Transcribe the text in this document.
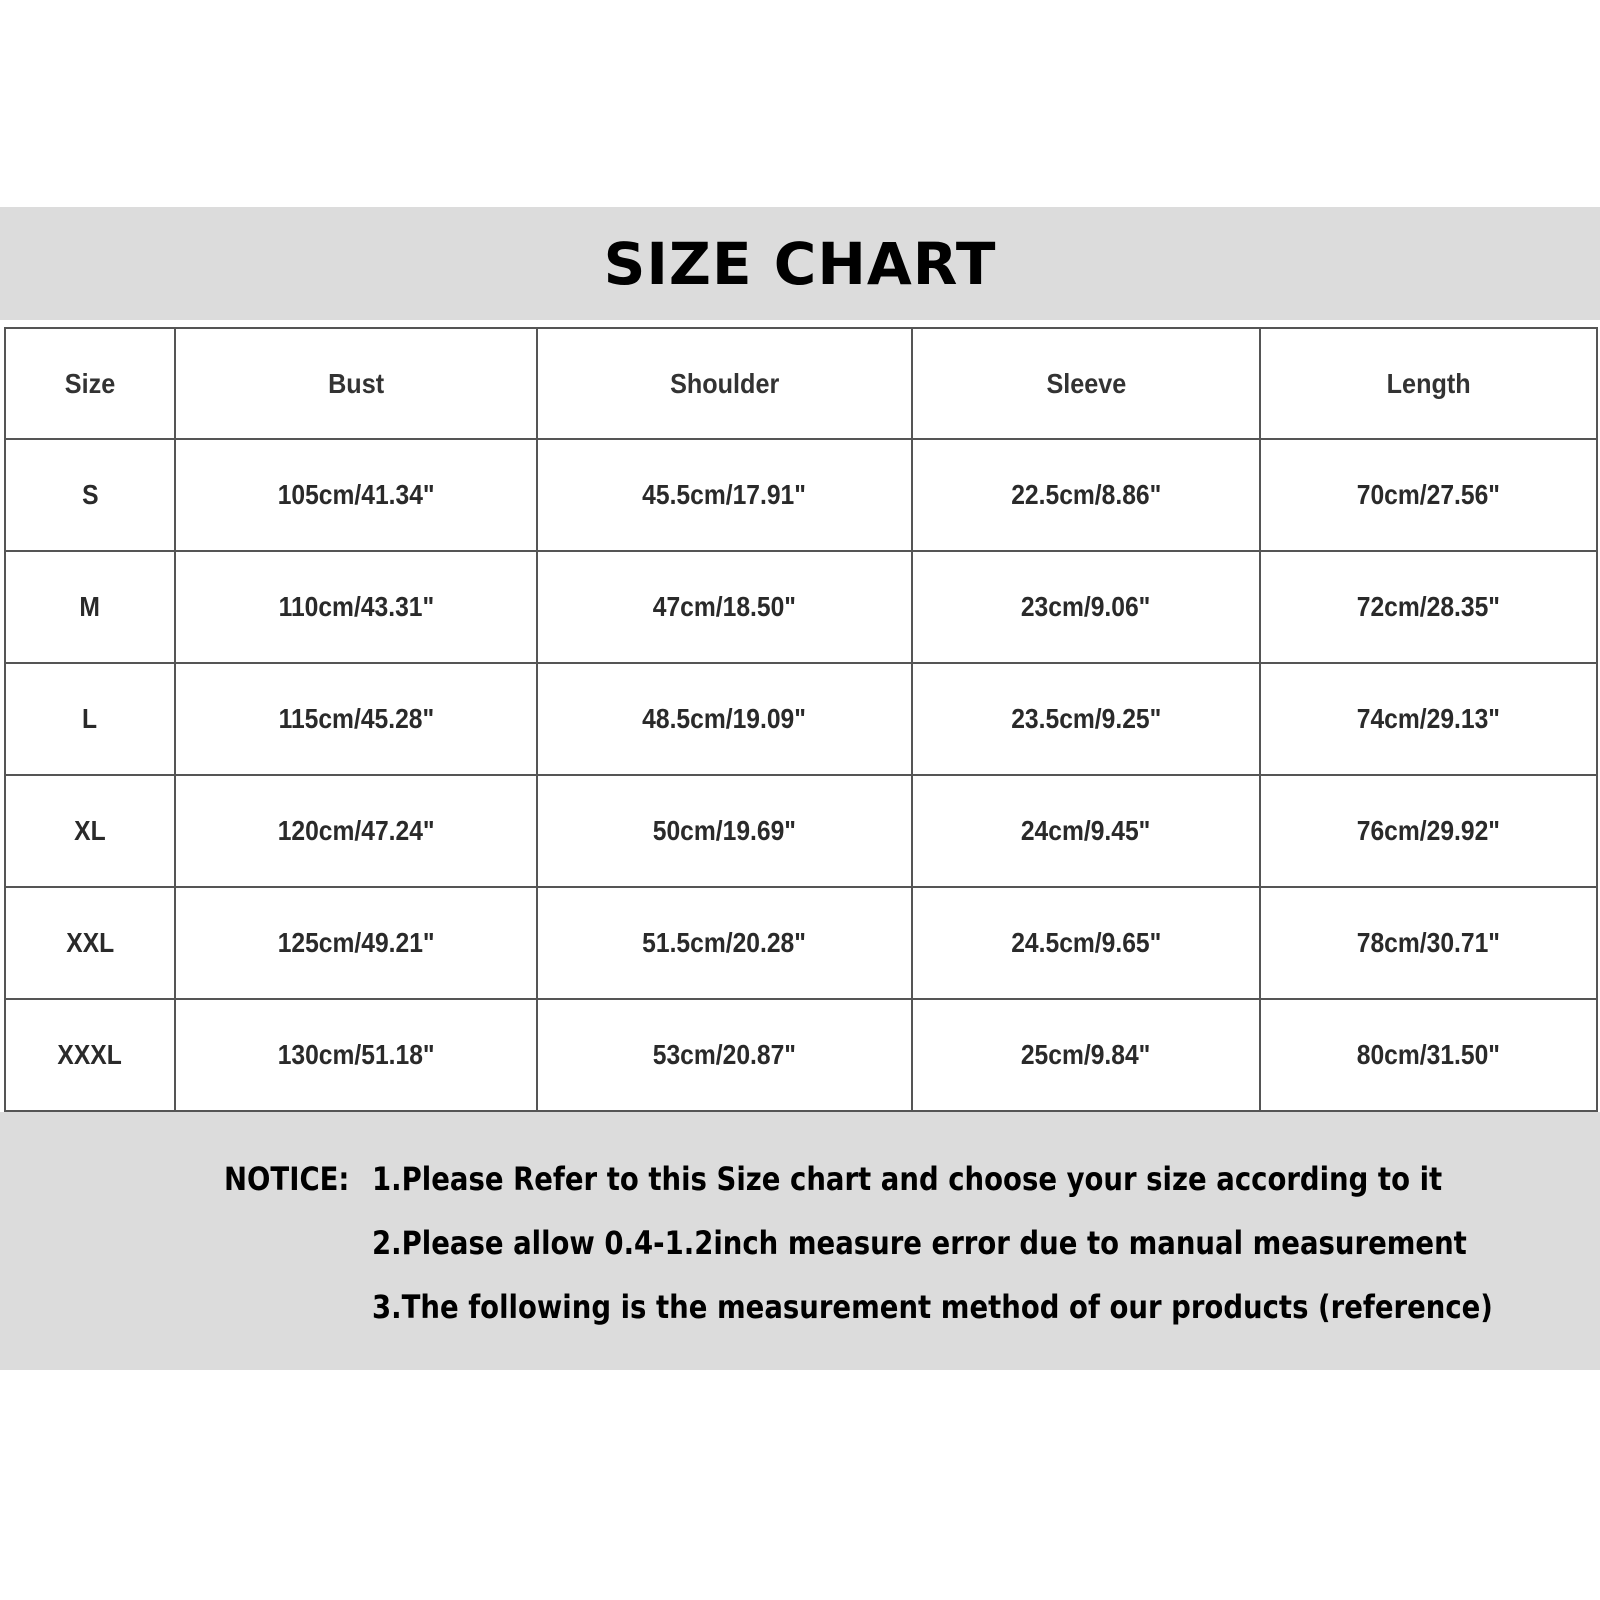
SIZE CHART
Size	Bust	Shoulder	Sleeve	Length
S	105cm/41.34"	45.5cm/17.91"	22.5cm/8.86"	70cm/27.56"
M	110cm/43.31"	47cm/18.50"	23cm/9.06"	72cm/28.35"
L	115cm/45.28"	48.5cm/19.09"	23.5cm/9.25"	74cm/29.13"
XL	120cm/47.24"	50cm/19.69"	24cm/9.45"	76cm/29.92"
XXL	125cm/49.21"	51.5cm/20.28"	24.5cm/9.65"	78cm/30.71"
XXXL	130cm/51.18"	53cm/20.87"	25cm/9.84"	80cm/31.50"
NOTICE: 1.Please Refer to this Size chart and choose your size according to it
2.Please allow 0.4-1.2inch measure error due to manual measurement
3.The following is the measurement method of our products (reference)
